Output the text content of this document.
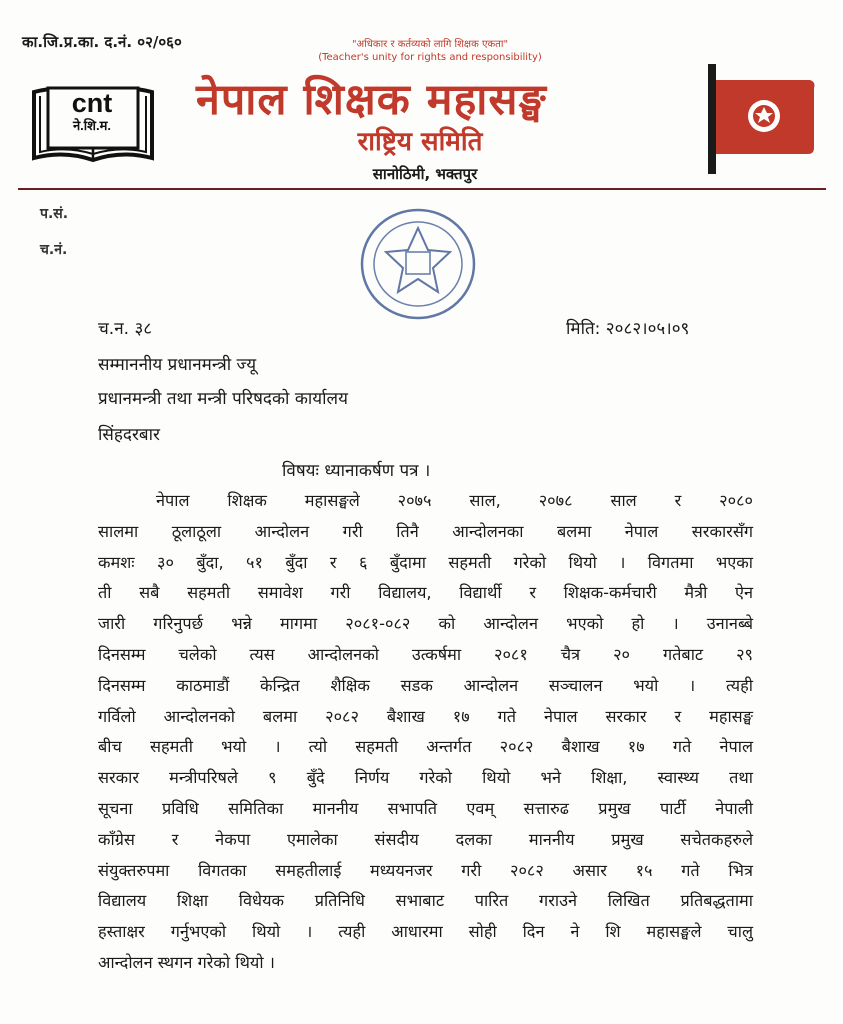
का.जि.प्र.का. द.नं. ०२/०६०	"अधिकार र कर्तव्यको लागि शिक्षक एकता"
(Teacher's unity for rights and responsibility)
cnt
ने.शि.म.
नेपाल शिक्षक महासङ्घ
राष्ट्रिय समिति
सानोठिमी, भक्तपुर
प.सं.
च.नं.
च.न. ३८	मिति: २०८२।०५।०९
सम्माननीय प्रधानमन्त्री ज्यू
प्रधानमन्त्री तथा मन्त्री परिषदको कार्यालय
सिंहदरबार
विषयः ध्यानाकर्षण पत्र ।
नेपाल शिक्षक महासङ्घले २०७५ साल, २०७८ साल र २०८०
सालमा ठूलाठूला आन्दोलन गरी तिनै आन्दोलनका बलमा नेपाल सरकारसँग
कमशः ३० बुँदा, ५१ बुँदा र ६ बुँदामा सहमती गरेको थियो । विगतमा भएका
ती सबै सहमती समावेश गरी विद्यालय, विद्यार्थी र शिक्षक-कर्मचारी मैत्री ऐन
जारी गरिनुपर्छ भन्ने मागमा २०८१-०८२ को आन्दोलन भएको हो । उनानब्बे
दिनसम्म चलेको त्यस आन्दोलनको उत्कर्षमा २०८१ चैत्र २० गतेबाट २९
दिनसम्म काठमाडौं केन्द्रित शैक्षिक सडक आन्दोलन सञ्चालन भयो । त्यही
गर्विलो आन्दोलनको बलमा २०८२ बैशाख १७ गते नेपाल सरकार र महासङ्घ
बीच सहमती भयो । त्यो सहमती अन्तर्गत २०८२ बैशाख १७ गते नेपाल
सरकार मन्त्रीपरिषले ९ बुँदे निर्णय गरेको थियो भने शिक्षा, स्वास्थ्य तथा
सूचना प्रविधि समितिका माननीय सभापति एवम् सत्तारुढ प्रमुख पार्टी नेपाली
काँग्रेस र नेकपा एमालेका संसदीय दलका माननीय प्रमुख सचेतकहरुले
संयुक्तरुपमा विगतका समहतीलाई मध्ययनजर गरी २०८२ असार १५ गते भित्र
विद्यालय शिक्षा विधेयक प्रतिनिधि सभाबाट पारित गराउने लिखित प्रतिबद्धतामा
हस्ताक्षर गर्नुभएको थियो । त्यही आधारमा सोही दिन ने शि महासङ्घले चालु
आन्दोलन स्थगन गरेको थियो ।
